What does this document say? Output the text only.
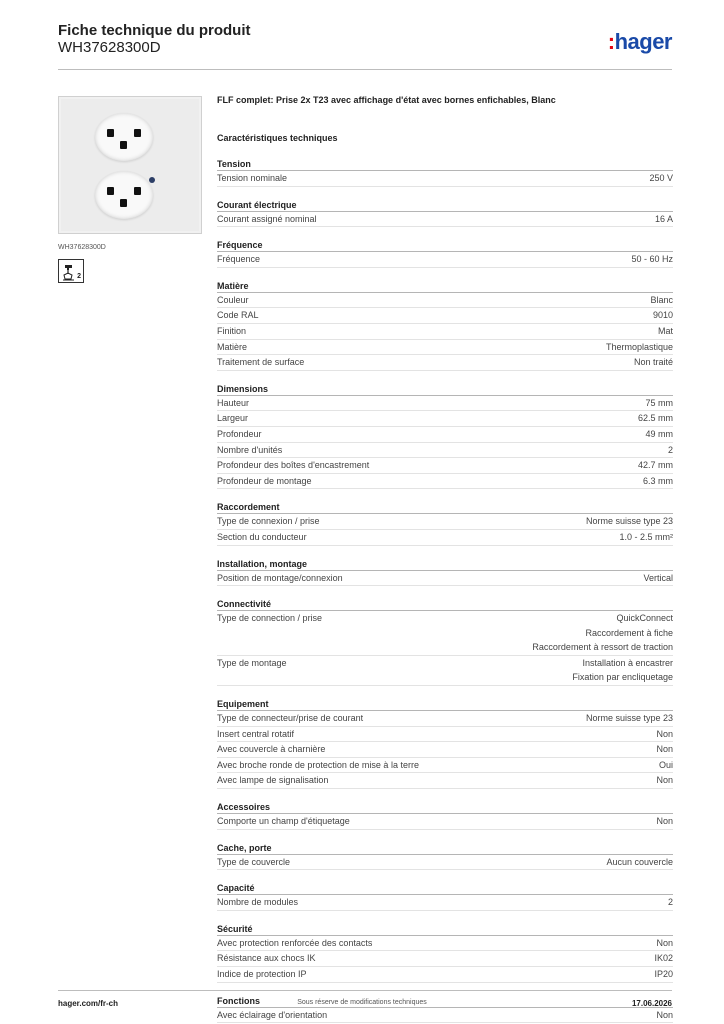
Fiche technique du produit
WH37628300D	:hager
WH37628300D
2
FLF complet: Prise 2x T23 avec affichage d'état avec bornes enfichables, Blanc
Caractéristiques techniques
Tension
Tension nominale	250 V
Courant électrique
Courant assigné nominal	16 A
Fréquence
Fréquence	50 - 60 Hz
Matière
Couleur	Blanc
Code RAL	9010
Finition	Mat
Matière	Thermoplastique
Traitement de surface	Non traité
Dimensions
Hauteur	75 mm
Largeur	62.5 mm
Profondeur	49 mm
Nombre d'unités	2
Profondeur des boîtes d'encastrement	42.7 mm
Profondeur de montage	6.3 mm
Raccordement
Type de connexion / prise	Norme suisse type 23
Section du conducteur	1.0 - 2.5 mm²
Installation, montage
Position de montage/connexion	Vertical
Connectivité
Type de connection / prise	QuickConnect
Raccordement à fiche
Raccordement à ressort de traction
Type de montage	Installation à encastrer
Fixation par encliquetage
Equipement
Type de connecteur/prise de courant	Norme suisse type 23
Insert central rotatif	Non
Avec couvercle à charnière	Non
Avec broche ronde de protection de mise à la terre	Oui
Avec lampe de signalisation	Non
Accessoires
Comporte un champ d'étiquetage	Non
Cache, porte
Type de couvercle	Aucun couvercle
Capacité
Nombre de modules	2
Sécurité
Avec protection renforcée des contacts	Non
Résistance aux chocs IK	IK02
Indice de protection IP	IP20
Fonctions
Avec éclairage d'orientation	Non
hager.com/fr-ch	Sous réserve de modifications techniques	17.06.2026
